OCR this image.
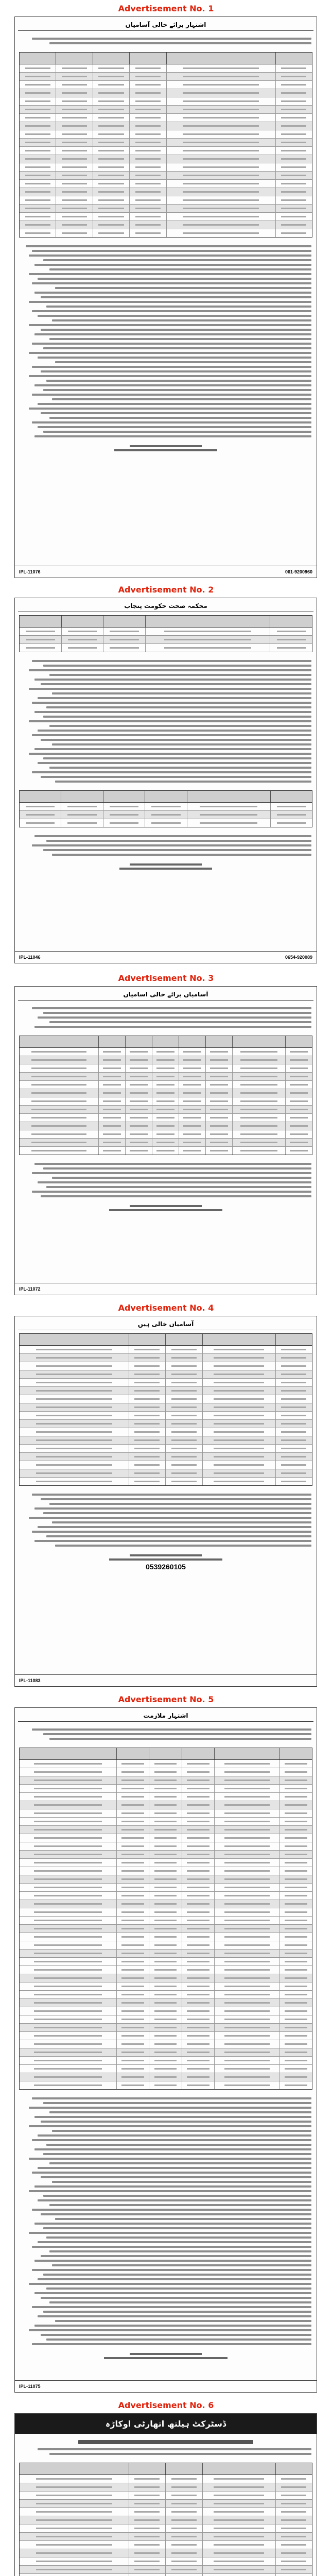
Advertisement No. 1
اشتہار برائے خالی آسامیاں
IPL-11076	061-9200960
Advertisement No. 2
محکمہ صحت حکومت پنجاب
IPL-11046	0654-920089
Advertisement No. 3
آسامیاں برائے خالی اسامیاں
IPL-11072
Advertisement No. 4
آسامیاں خالی ہیں
0539260105
IPL-11083
Advertisement No. 5
اشتہار ملازمت
IPL-11075
Advertisement No. 6
ڈسٹرکٹ ہیلتھ اتھارٹی اوکاڑہ
